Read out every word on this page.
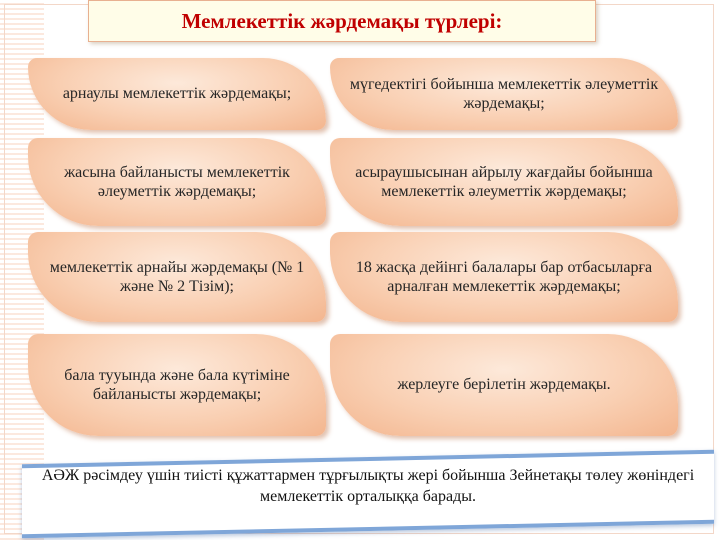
Мемлекеттік жәрдемақы түрлері:
арнаулы мемлекеттік жәрдемақы;
мүгедектігі бойынша мемлекеттік әлеуметтік жәрдемақы;
жасына байланысты мемлекеттік әлеуметтік жәрдемақы;
асыраушысынан айрылу жағдайы бойынша мемлекеттік әлеуметтік жәрдемақы;
мемлекеттік арнайы жәрдемақы (№ 1 және № 2 Тізім);
18 жасқа дейінгі балалары бар отбасыларға арналған мемлекеттік жәрдемақы;
бала тууында және бала күтіміне байланысты жәрдемақы;
жерлеуге берілетін жәрдемақы.
АӘЖ рәсімдеу үшін тиісті құжаттармен тұрғылықты жері бойынша Зейнетақы төлеу жөніндегі мемлекеттік орталыққа барады.
